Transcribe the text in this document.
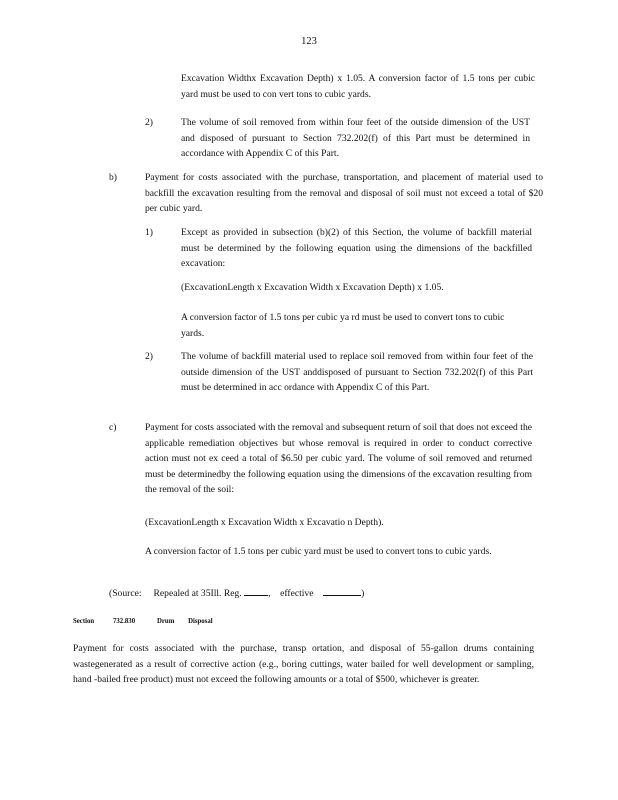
123
Excavation Widthx Excavation Depth) x 1.05. A conversion factor of 1.5 tons per cubic yard must be used to con vert tons to cubic yards.
2)	The volume of soil removed from within four feet of the outside dimension of the UST and disposed of pursuant to Section 732.202(f) of this Part must be determined in accordance with Appendix C of this Part.
b)	Payment for costs associated with the purchase, transportation, and placement of material used to backfill the excavation resulting from the removal and disposal of soil must not exceed a total of $20 per cubic yard.
1)	Except as provided in subsection (b)(2) of this Section, the volume of backfill material must be determined by the following equation using the dimensions of the backfilled excavation:
(ExcavationLength x Excavation Width x Excavation Depth) x 1.05.
A conversion factor of 1.5 tons per cubic ya rd must be used to convert tons to cubic yards.
2)	The volume of backfill material used to replace soil removed from within four feet of the outside dimension of the UST anddisposed of pursuant to Section 732.202(f) of this Part must be determined in acc ordance with Appendix C of this Part.
c)	Payment for costs associated with the removal and subsequent return of soil that does not exceed the applicable remediation objectives but whose removal is required in order to conduct corrective action must not ex ceed a total of $6.50 per cubic yard. The volume of soil removed and returned must be determinedby the following equation using the dimensions of the excavation resulting from the removal of the soil:
(ExcavationLength x Excavation Width x Excavatio n Depth).
A conversion factor of 1.5 tons per cubic yard must be used to convert tons to cubic yards.
(Source: Repealed at 35Ill. Reg.	, effective	)
Section	732.830	Drum Disposal
Payment for costs associated with the purchase, transp ortation, and disposal of 55-gallon drums containing wastegenerated as a result of corrective action (e.g., boring cuttings, water bailed for well development or sampling, hand -bailed free product) must not exceed the following amounts or a total of $500, whichever is greater.
